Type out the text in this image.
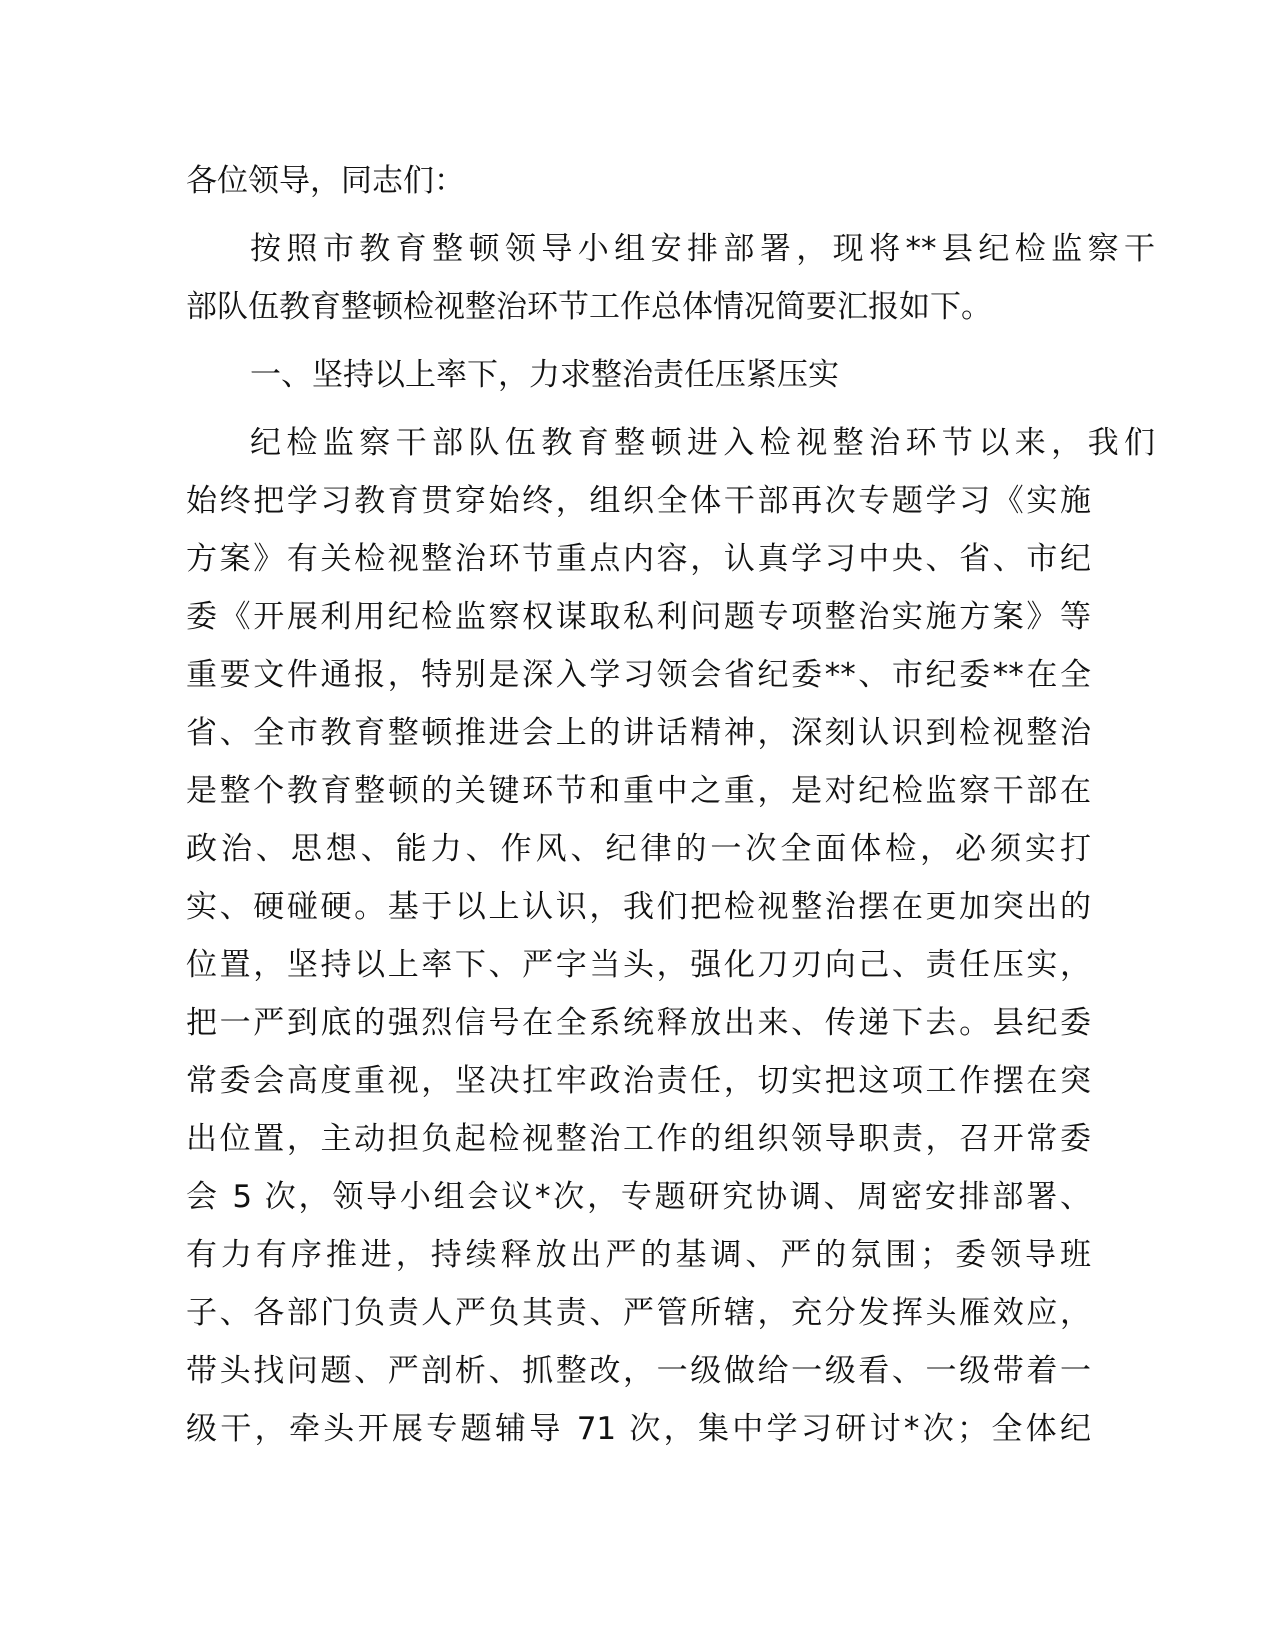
各位领导，同志们：
按照市教育整顿领导小组安排部署，现将**县纪检监察干
部队伍教育整顿检视整治环节工作总体情况简要汇报如下。
一、坚持以上率下，力求整治责任压紧压实
纪检监察干部队伍教育整顿进入检视整治环节以来，我们
始终把学习教育贯穿始终，组织全体干部再次专题学习《实施
方案》有关检视整治环节重点内容，认真学习中央、省、市纪
委《开展利用纪检监察权谋取私利问题专项整治实施方案》等
重要文件通报，特别是深入学习领会省纪委**、市纪委**在全
省、全市教育整顿推进会上的讲话精神，深刻认识到检视整治
是整个教育整顿的关键环节和重中之重，是对纪检监察干部在
政治、思想、能力、作风、纪律的一次全面体检，必须实打
实、硬碰硬。基于以上认识，我们把检视整治摆在更加突出的
位置，坚持以上率下、严字当头，强化刀刃向己、责任压实，
把一严到底的强烈信号在全系统释放出来、传递下去。县纪委
常委会高度重视，坚决扛牢政治责任，切实把这项工作摆在突
出位置，主动担负起检视整治工作的组织领导职责，召开常委
会 5 次，领导小组会议*次，专题研究协调、周密安排部署、
有力有序推进，持续释放出严的基调、严的氛围；委领导班
子、各部门负责人严负其责、严管所辖，充分发挥头雁效应，
带头找问题、严剖析、抓整改，一级做给一级看、一级带着一
级干，牵头开展专题辅导 71 次，集中学习研讨*次；全体纪
